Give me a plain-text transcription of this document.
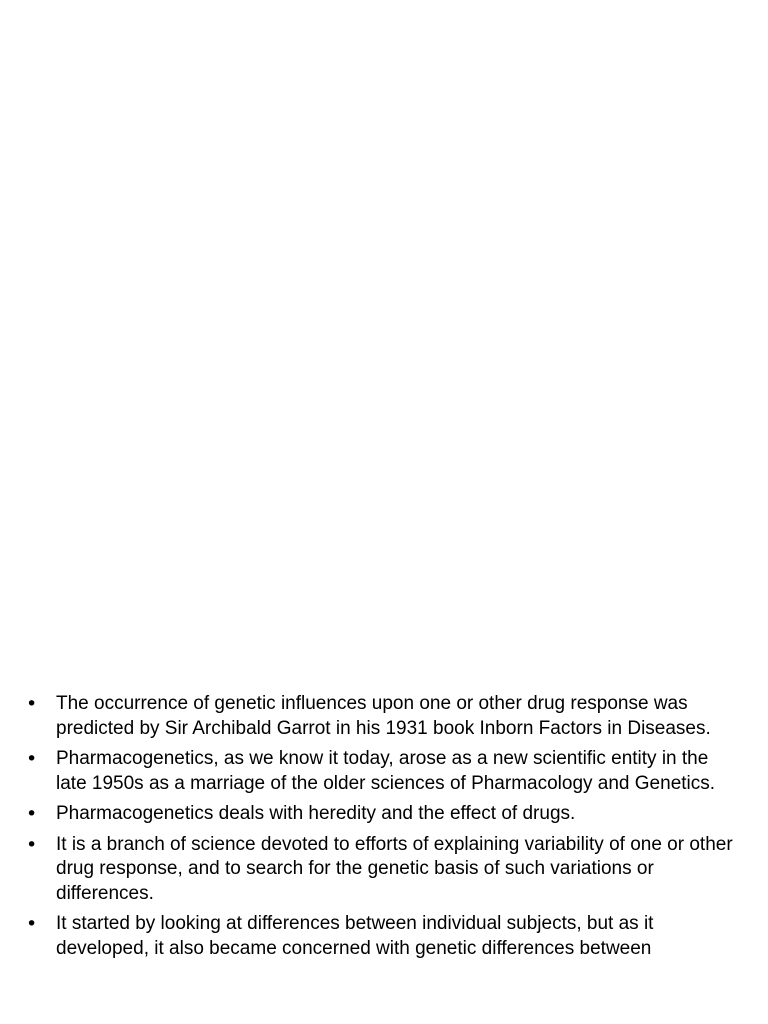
• The occurrence of genetic influences upon one or other drug response was predicted by Sir Archibald Garrot in his 1931 book Inborn Factors in Diseases.
• Pharmacogenetics, as we know it today, arose as a new scientific entity in the late 1950s as a marriage of the older sciences of Pharmacology and Genetics.
• Pharmacogenetics deals with heredity and the effect of drugs.
• It is a branch of science devoted to efforts of explaining variability of one or other drug response, and to search for the genetic basis of such variations or differences.
• It started by looking at differences between individual subjects, but as it developed, it also became concerned with genetic differences between
